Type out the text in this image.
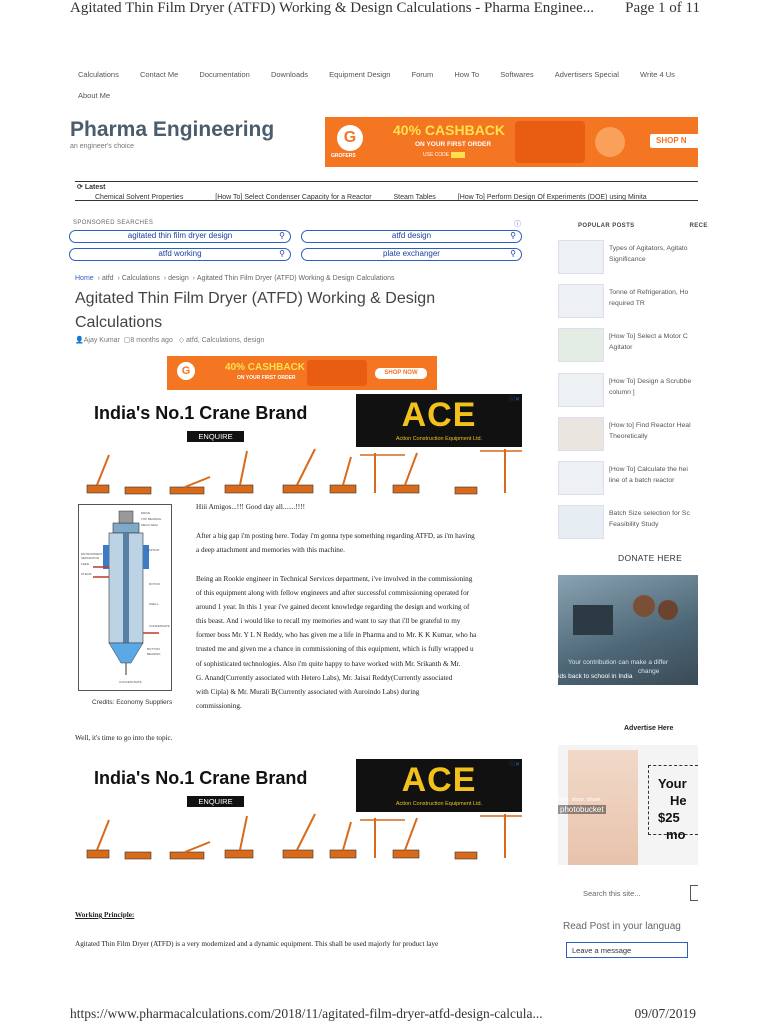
Agitated Thin Film Dryer (ATFD) Working & Design Calculations - Pharma Enginee...	Page 1 of 11
Calculations	Contact Me	Documentation	Downloads	Equipment Design	Forum	How To	Softwares	Advertisers Special	Write 4 Us About Me
Pharma Engineering
an engineer's choice
G
GROFERS
40% CASHBACK
ON YOUR FIRST ORDER
USE CODE
SHOP N
⟳ Latest
Chemical Solvent Properties	[How To] Select Condenser Capacity for a Reactor	Steam Tables	[How To] Perform Design Of Experiments (DOE) using Minita
SPONSORED SEARCHES	ⓘ
agitated thin film dryer design	⚲	atfd design	⚲
atfd working	⚲	plate exchanger	⚲
Home  › atfd  › Calculations  › design  › Agitated Thin Film Dryer (ATFD) Working & Design Calculations
Agitated Thin Film Dryer (ATFD) Working & Design Calculations
👤Ajay Kumar ▢8 months ago ◇ atfd, Calculations, design
G	40% CASHBACK
ON YOUR FIRST ORDER
SHOP NOW
India's No.1 Crane Brand
ENQUIRE
ACE
Action Construction Equipment Ltd.
ⓘ✕
DRIVE
TOP BEARING
MECH SEAL
ENTRAINMENT
SEPARATOR
FEED
STEAM
VAPOUR
ROTOR
SHELL
CONDENSATE
BOTTOM
BEARING
CONCENTRATE
Credits: Economy Suppliers
Hiii Amigos...!!! Good day all.......!!!!
After a big gap i'm posting here. Today i'm gonna type something regarding ATFD, as i'm having
a deep attachment and memories with this machine.
Being an Rookie engineer in Technical Services department, i've involved in the commissioning
of this equipment along with fellow engineers and after successful commissioning operated for
around 1 year. In this 1 year i've gained decent knowledge regarding the design and working of
this beast. And i would like to recall my memories and want to say that i'll be grateful to my
former boss Mr. Y L N Reddy, who has given me a life in Pharma and to Mr. K K Kumar, who ha
trusted me and given me a chance in commissioning of this equipment, which is fully wrapped u
of sophisticated technologies. Also i'm quite happy to have worked with Mr. Srikanth & Mr.
G. Anand(Currently associated with Hetero Labs), Mr. Jaisai Reddy(Currently associated
with Cipla) & Mr. Murali B(Currently associated with Auroindo Labs) during
commissioning.
Well, it's time to go into the topic.
India's No.1 Crane Brand
ENQUIRE
ACE
Action Construction Equipment Ltd.
ⓘ✕
Working Principle:
Agitated Thin Film Dryer (ATFD) is a very modernized and a dynamic equipment. This shall be used majorly for product laye
POPULAR POSTS	RECE
Types of Agitators, Agitato
Significance
Tonne of Refrigeration, Ho
required TR
[How To] Select a Motor C
Agitator
[How To] Design a Scrubbe
column ]
[How to] Find Reactor Heal
Theoretically
[How To] Calculate the hei
line of a batch reactor
Batch Size selection for Sc
Feasibility Study
DONATE HERE
Your contribution can make a differ
change
ids back to school in India
Advertise Here
Your
He
$25
mo
host. store. share.
photobucket
Search this site...
Read Post in your languag
Leave a message
https://www.pharmacalculations.com/2018/11/agitated-film-dryer-atfd-design-calcula...	09/07/2019
